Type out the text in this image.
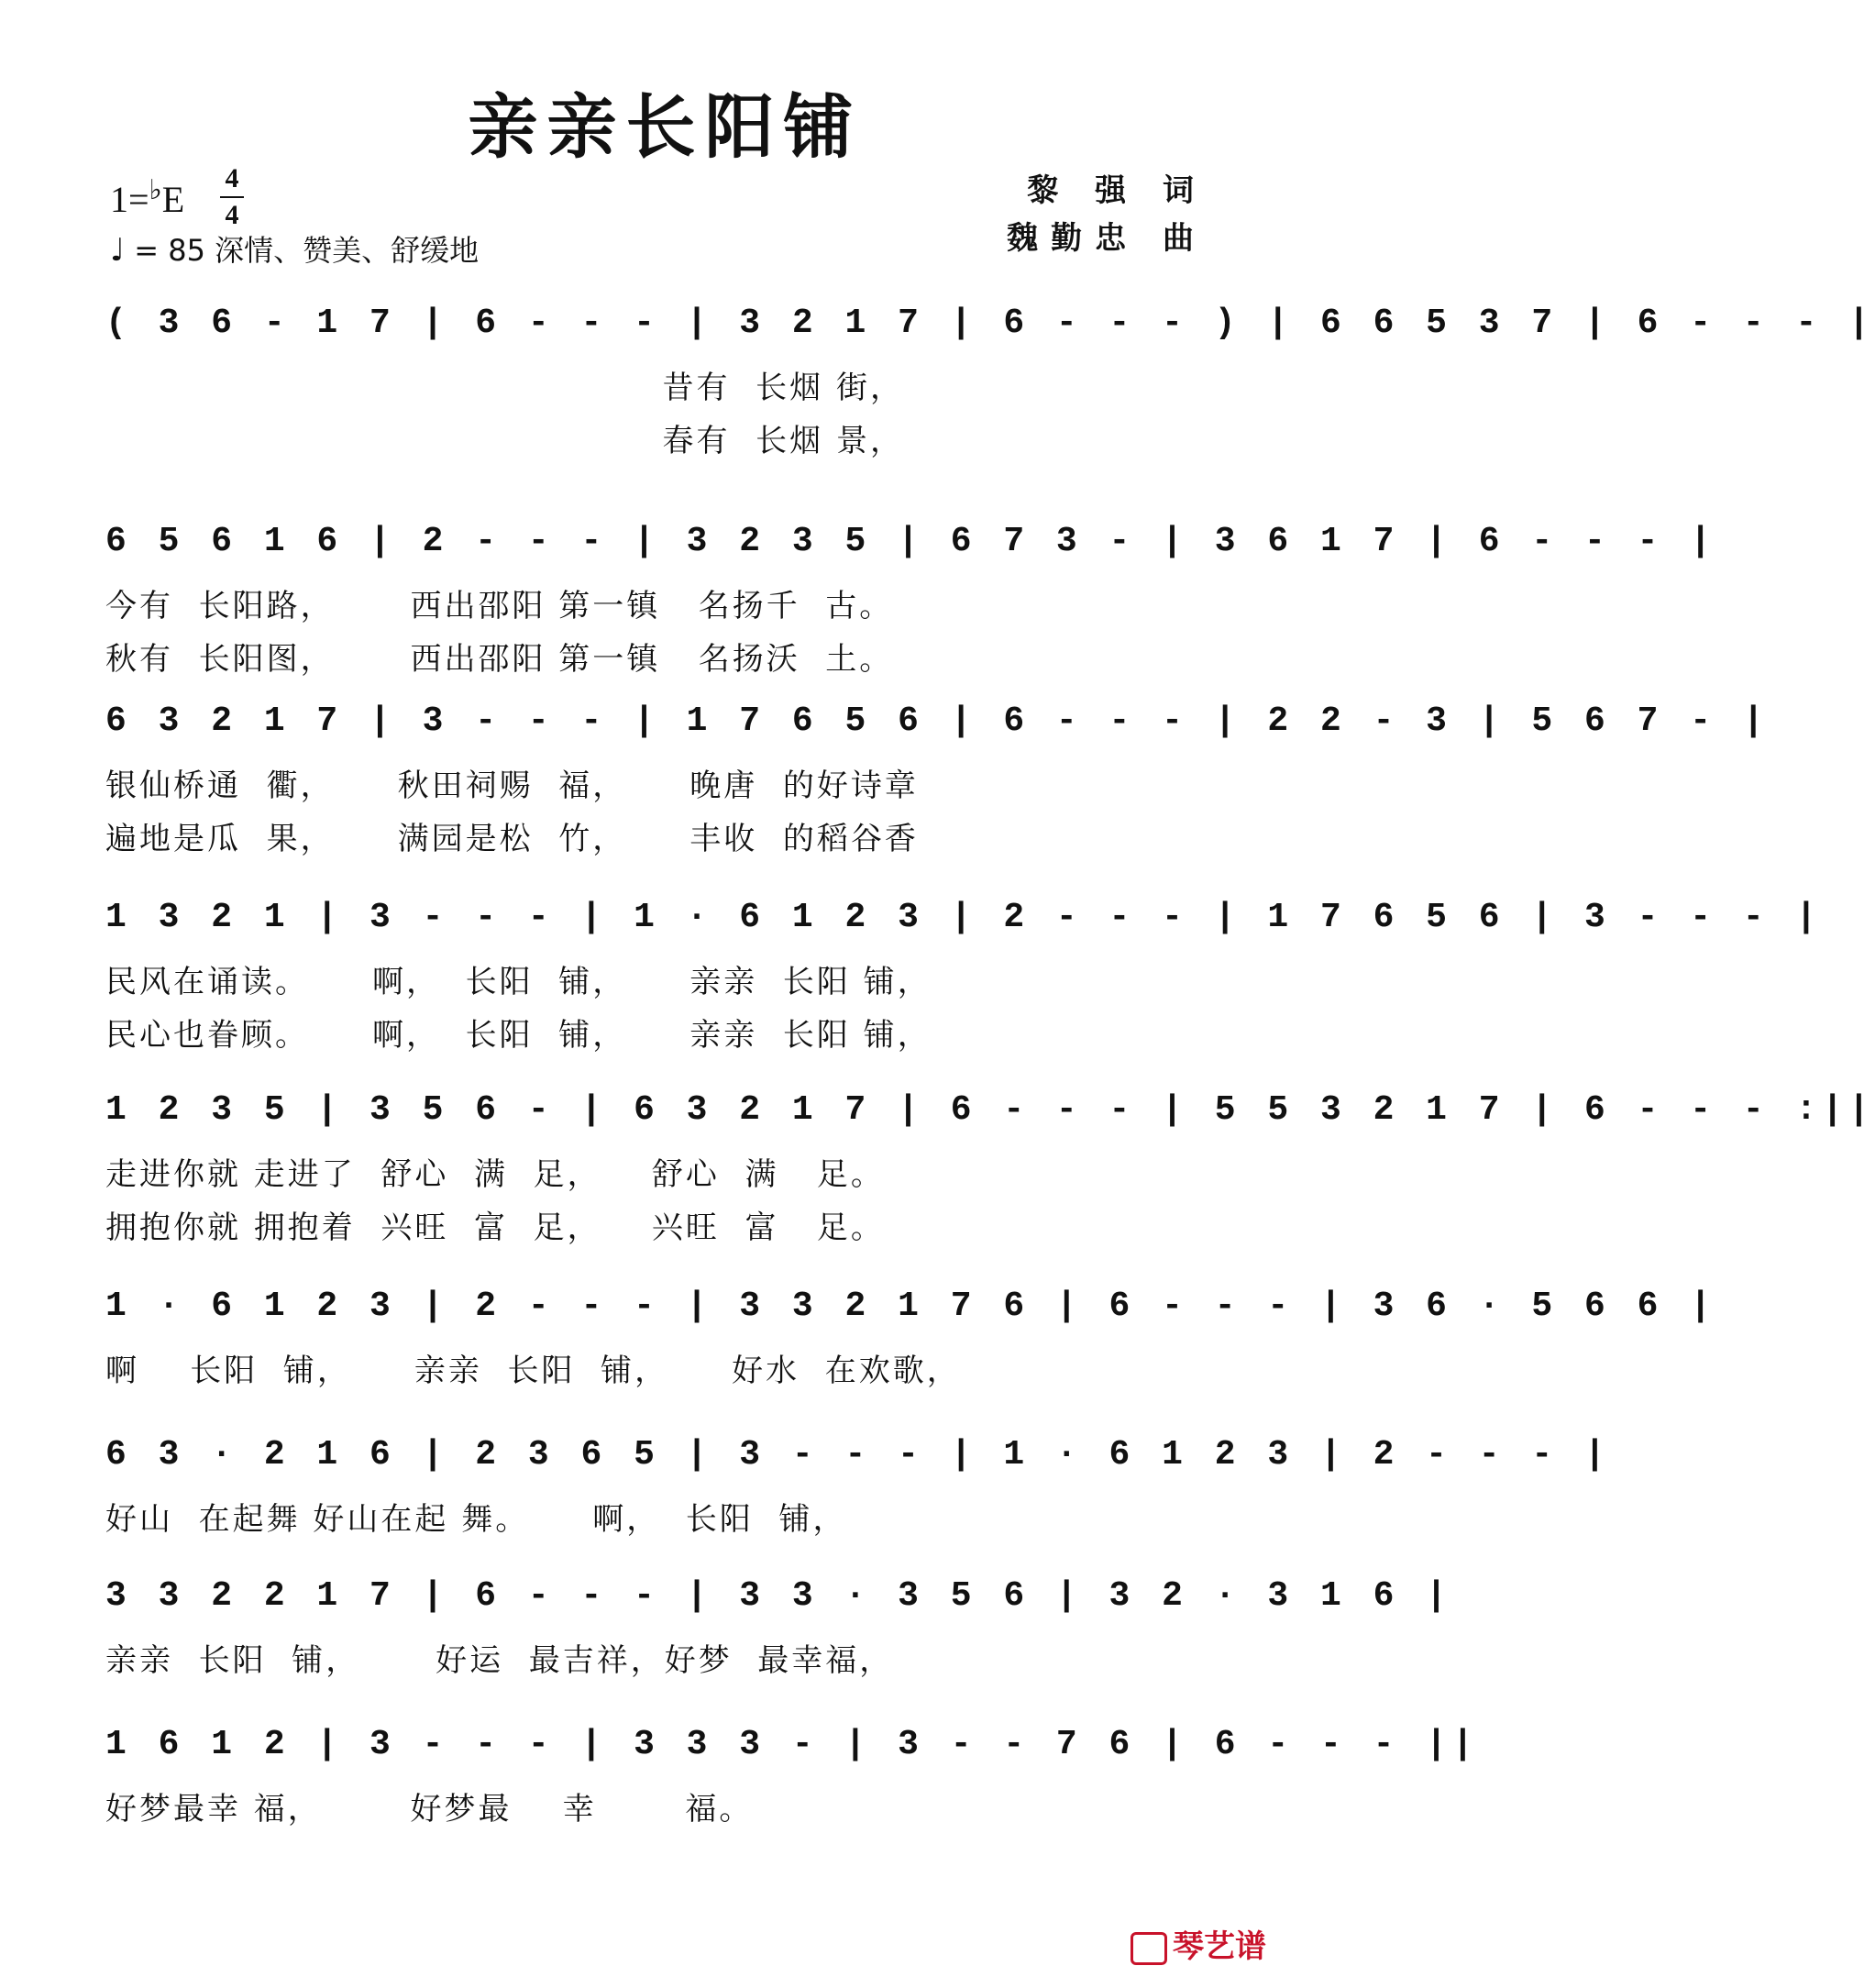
亲亲长阳铺
1=♭E
4
4
♩ = 85 深情、赞美、舒缓地
黎 强 词
魏勤忠 曲
( 3 6 - 1 7 | 6 - - - | 3 2 1 7 | 6 - - - ) | 6 6 5 3 7 | 6 - - - |
昔有  长烟 街，
春有  长烟 景，
6 5 6 1 6 | 2 - - - | 3 2 3 5 | 6 7 3 - | 3 6 1 7 | 6 - - - |
今有  长阳路，      西出邵阳 第一镇   名扬千  古。
秋有  长阳图，      西出邵阳 第一镇   名扬沃  土。
6 3 2 1 7 | 3 - - - | 1 7 6 5 6 | 6 - - - | 2 2 - 3 | 5 6 7 - |
银仙桥通  衢，     秋田祠赐  福，     晚唐  的好诗章
遍地是瓜  果，     满园是松  竹，     丰收  的稻谷香
1 3 2 1 | 3 - - - | 1 · 6 1 2 3 | 2 - - - | 1 7 6 5 6 | 3 - - - |
民风在诵读。     啊，  长阳  铺，     亲亲  长阳 铺，
民心也眷顾。     啊，  长阳  铺，     亲亲  长阳 铺，
1 2 3 5 | 3 5 6 - | 6 3 2 1 7 | 6 - - - | 5 5 3 2 1 7 | 6 - - - :||
走进你就 走进了  舒心  满  足，    舒心  满   足。
拥抱你就 拥抱着  兴旺  富  足，    兴旺  富   足。
1 · 6 1 2 3 | 2 - - - | 3 3 2 1 7 6 | 6 - - - | 3 6 · 5 6 6 |
啊    长阳  铺，     亲亲  长阳  铺，     好水  在欢歌，
6 3 · 2 1 6 | 2 3 6 5 | 3 - - - | 1 · 6 1 2 3 | 2 - - - |
好山  在起舞 好山在起 舞。     啊，  长阳  铺，
3 3 2 2 1 7 | 6 - - - | 3 3 · 3 5 6 | 3 2 · 3 1 6 |
亲亲  长阳  铺，      好运  最吉祥，好梦  最幸福，
1 6 1 2 | 3 - - - | 3 3 3 - | 3 - - 7 6 | 6 - - - ||
好梦最幸 福，       好梦最    幸       福。
琴艺谱
